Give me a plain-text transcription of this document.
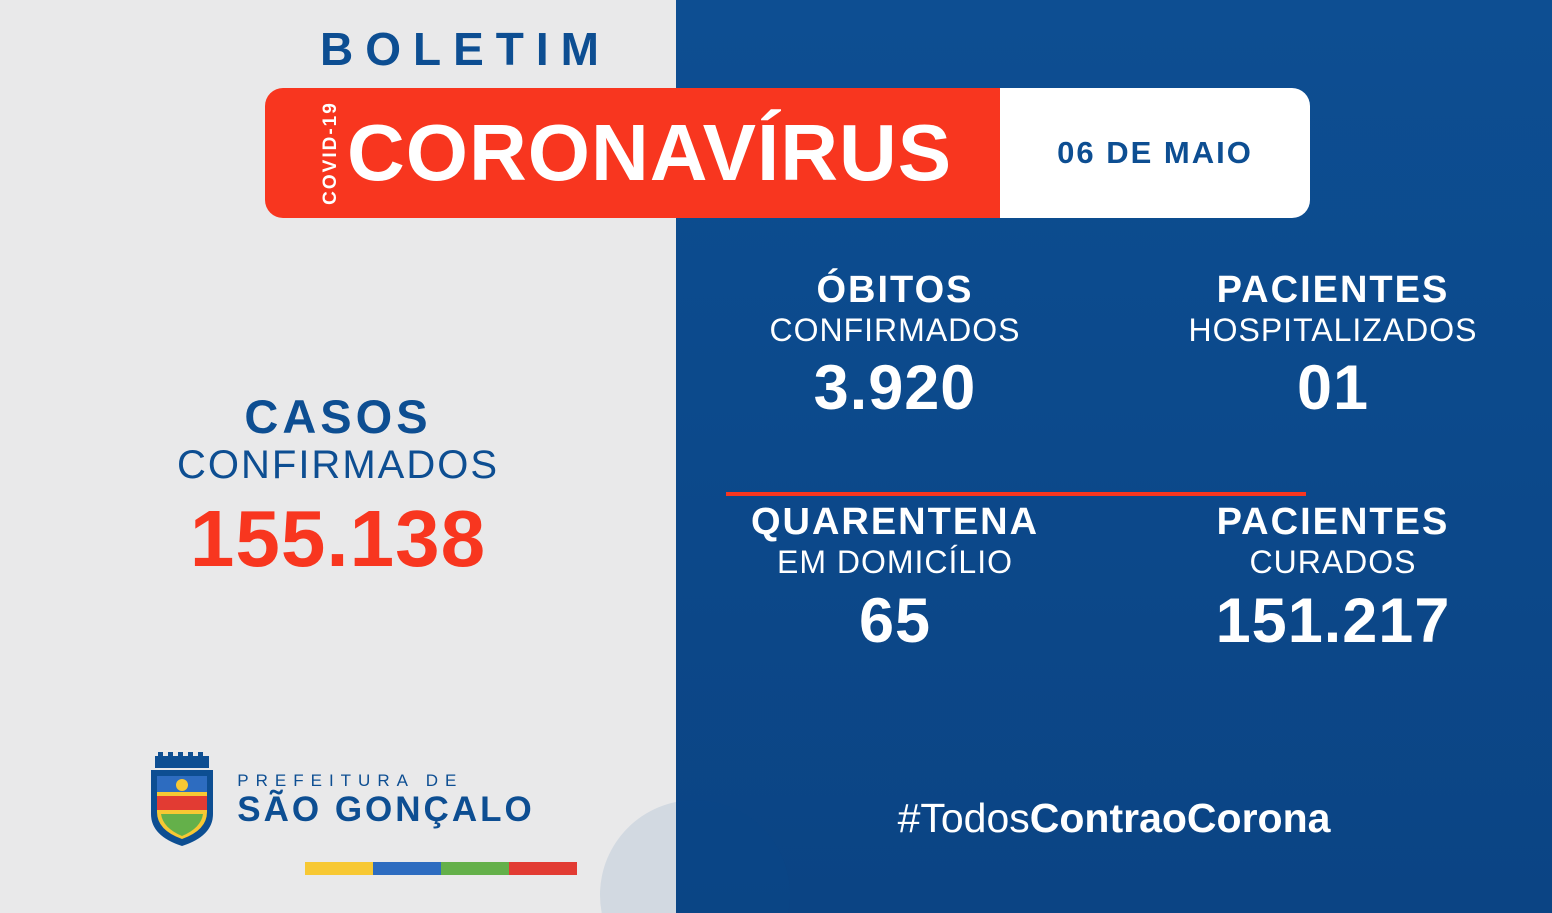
BOLETIM
COVID-19 CORONAVÍRUS	06 DE MAIO
CASOS
CONFIRMADOS
155.138
PREFEITURA DE
SÃO GONÇALO
ÓBITOS
CONFIRMADOS
3.920
PACIENTES
HOSPITALIZADOS
01
QUARENTENA
EM DOMICÍLIO
65
PACIENTES
CURADOS
151.217
#TodosContraoCorona
